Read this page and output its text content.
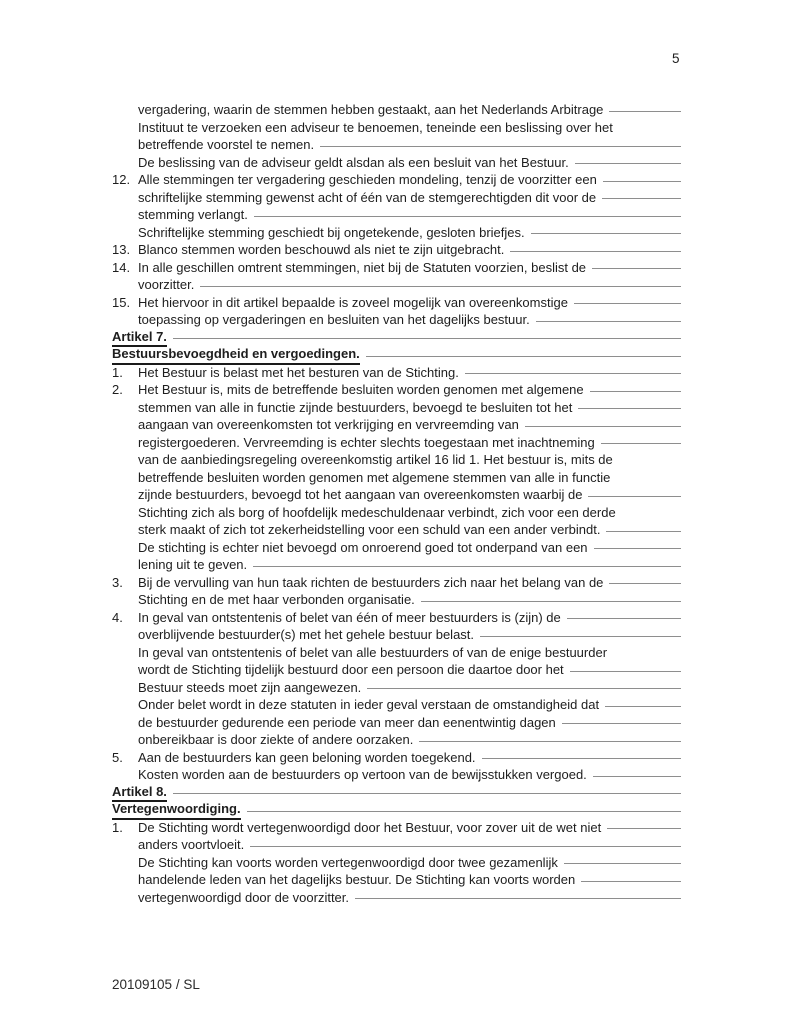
5
vergadering, waarin de stemmen hebben gestaakt, aan het Nederlands Arbitrage
Instituut te verzoeken een adviseur te benoemen, teneinde een beslissing over het
betreffende voorstel te nemen.
De beslissing van de adviseur geldt alsdan als een besluit van het Bestuur.
12. Alle stemmingen ter vergadering geschieden mondeling, tenzij de voorzitter een
schriftelijke stemming gewenst acht of één van de stemgerechtigden dit voor de
stemming verlangt.
Schriftelijke stemming geschiedt bij ongetekende, gesloten briefjes.
13. Blanco stemmen worden beschouwd als niet te zijn uitgebracht.
14. In alle geschillen omtrent stemmingen, niet bij de Statuten voorzien, beslist de
voorzitter.
15. Het hiervoor in dit artikel bepaalde is zoveel mogelijk van overeenkomstige
toepassing op vergaderingen en besluiten van het dagelijks bestuur.
Artikel 7.
Bestuursbevoegdheid en vergoedingen.
1.	Het Bestuur is belast met het besturen van de Stichting.
2.	Het Bestuur is, mits de betreffende besluiten worden genomen met algemene
stemmen van alle in functie zijnde bestuurders, bevoegd te besluiten tot het
aangaan van overeenkomsten tot verkrijging en vervreemding van
registergoederen. Vervreemding is echter slechts toegestaan met inachtneming
van de aanbiedingsregeling overeenkomstig artikel 16 lid 1. Het bestuur is, mits de
betreffende besluiten worden genomen met algemene stemmen van alle in functie
zijnde bestuurders, bevoegd tot het aangaan van overeenkomsten waarbij de
Stichting zich als borg of hoofdelijk medeschuldenaar verbindt, zich voor een derde
sterk maakt of zich tot zekerheidstelling voor een schuld van een ander verbindt.
De stichting is echter niet bevoegd om onroerend goed tot onderpand van een
lening uit te geven.
3.	Bij de vervulling van hun taak richten de bestuurders zich naar het belang van de
Stichting en de met haar verbonden organisatie.
4.	In geval van ontstentenis of belet van één of meer bestuurders is (zijn) de
overblijvende bestuurder(s) met het gehele bestuur belast.
In geval van ontstentenis of belet van alle bestuurders of van de enige bestuurder
wordt de Stichting tijdelijk bestuurd door een persoon die daartoe door het
Bestuur steeds moet zijn aangewezen.
Onder belet wordt in deze statuten in ieder geval verstaan de omstandigheid dat
de bestuurder gedurende een periode van meer dan eenentwintig dagen
onbereikbaar is door ziekte of andere oorzaken.
5.	Aan de bestuurders kan geen beloning worden toegekend.
Kosten worden aan de bestuurders op vertoon van de bewijsstukken vergoed.
Artikel 8.
Vertegenwoordiging.
1.	De Stichting wordt vertegenwoordigd door het Bestuur, voor zover uit de wet niet
anders voortvloeit.
De Stichting kan voorts worden vertegenwoordigd door twee gezamenlijk
handelende leden van het dagelijks bestuur. De Stichting kan voorts worden
vertegenwoordigd door de voorzitter.
20109105 / SL
